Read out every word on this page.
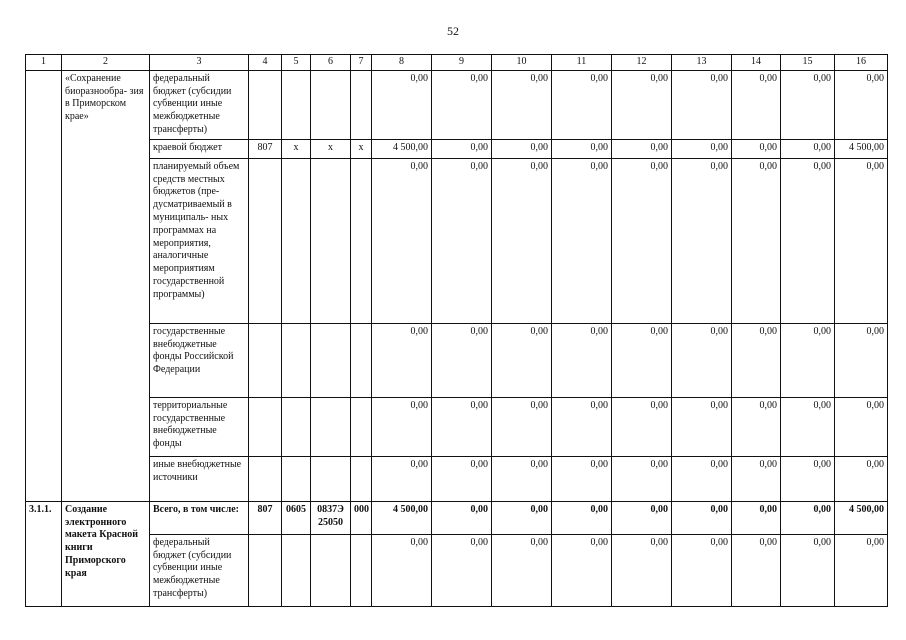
52
1	2	3	4	5	6	7	8	9	10	11	12	13	14	15	16
	«Сохранение биоразнообра- зия в Приморском крае»	федеральный бюджет (субсидии субвенции иные межбюджетные трансферты)					0,00	0,00	0,00	0,00	0,00	0,00	0,00	0,00	0,00
		краевой бюджет	807	х	х	х	4 500,00	0,00	0,00	0,00	0,00	0,00	0,00	0,00	4 500,00
		планируемый объем средств местных бюджетов (пре- дусматриваемый в муниципаль- ных программах на мероприятия, аналогичные мероприятиям государственной программы)					0,00	0,00	0,00	0,00	0,00	0,00	0,00	0,00	0,00
		государственные внебюджетные фонды Российской Федерации					0,00	0,00	0,00	0,00	0,00	0,00	0,00	0,00	0,00
		территориальные государственные внебюджетные фонды					0,00	0,00	0,00	0,00	0,00	0,00	0,00	0,00	0,00
		иные внебюджетные источники					0,00	0,00	0,00	0,00	0,00	0,00	0,00	0,00	0,00
3.1.1.	Создание электронного макета Красной книги Приморского края	Всего, в том числе:	807	0605	0837Э 25050	000	4 500,00	0,00	0,00	0,00	0,00	0,00	0,00	0,00	4 500,00
		федеральный бюджет (субсидии субвенции иные межбюджетные трансферты)					0,00	0,00	0,00	0,00	0,00	0,00	0,00	0,00	0,00
